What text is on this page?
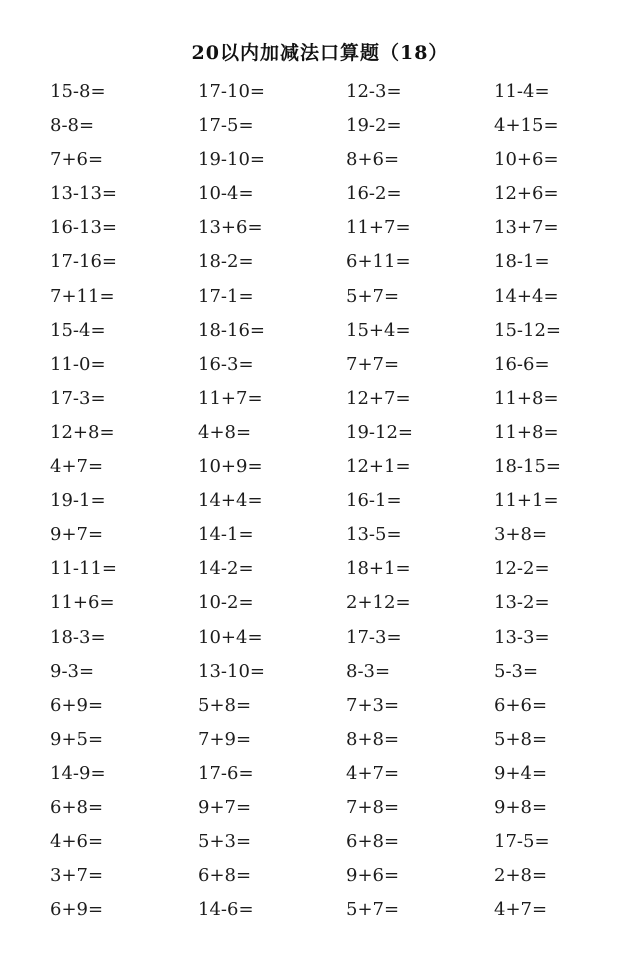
20以内加减法口算题（18）
15-8=	17-10=	12-3=	11-4=
8-8=	17-5=	19-2=	4+15=
7+6=	19-10=	8+6=	10+6=
13-13=	10-4=	16-2=	12+6=
16-13=	13+6=	11+7=	13+7=
17-16=	18-2=	6+11=	18-1=
7+11=	17-1=	5+7=	14+4=
15-4=	18-16=	15+4=	15-12=
11-0=	16-3=	7+7=	16-6=
17-3=	11+7=	12+7=	11+8=
12+8=	4+8=	19-12=	11+8=
4+7=	10+9=	12+1=	18-15=
19-1=	14+4=	16-1=	11+1=
9+7=	14-1=	13-5=	3+8=
11-11=	14-2=	18+1=	12-2=
11+6=	10-2=	2+12=	13-2=
18-3=	10+4=	17-3=	13-3=
9-3=	13-10=	8-3=	5-3=
6+9=	5+8=	7+3=	6+6=
9+5=	7+9=	8+8=	5+8=
14-9=	17-6=	4+7=	9+4=
6+8=	9+7=	7+8=	9+8=
4+6=	5+3=	6+8=	17-5=
3+7=	6+8=	9+6=	2+8=
6+9=	14-6=	5+7=	4+7=
